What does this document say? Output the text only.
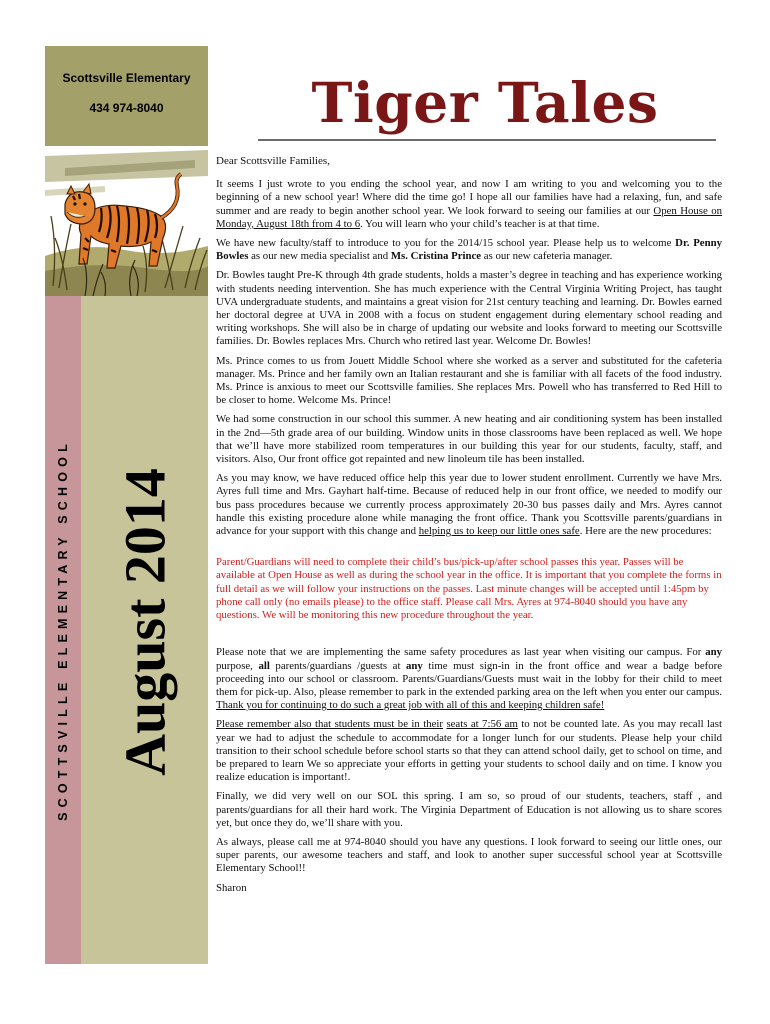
Scottsville Elementary
434 974-8040
SCOTTSVILLE ELEMENTARY SCHOOL August 2014
Tiger Tales

Dear Scottsville Families,

It seems I just wrote to you ending the school year, and now I am writing to you and welcoming you to the beginning of a new school year! Where did the time go! I hope all our families have had a relaxing, fun, and safe summer and are ready to begin another school year. We look forward to seeing our families at our Open House on Monday, August 18th from 4 to 6. You will learn who your child’s teacher is at that time.

We have new faculty/staff to introduce to you for the 2014/15 school year. Please help us to welcome Dr. Penny Bowles as our new media specialist and Ms. Cristina Prince as our new cafeteria manager.

Dr. Bowles taught Pre-K through 4th grade students, holds a master’s degree in teaching and has experience working with students needing intervention. She has much experience with the Central Virginia Writing Project, has taught UVA undergraduate students, and maintains a great vision for 21st century teaching and learning. Dr. Bowles earned her doctoral degree at UVA in 2008 with a focus on student engagement during elementary school reading and writing workshops. She will also be in charge of updating our website and looks forward to meeting our Scottsville families. Dr. Bowles replaces Mrs. Church who retired last year. Welcome Dr. Bowles!

Ms. Prince comes to us from Jouett Middle School where she worked as a server and substituted for the cafeteria manager. Ms. Prince and her family own an Italian restaurant and she is familiar with all facets of the food industry. Ms. Prince is anxious to meet our Scottsville families. She replaces Mrs. Powell who has transferred to Red Hill to be closer to home. Welcome Ms. Prince!

We had some construction in our school this summer. A new heating and air conditioning system has been installed in the 2nd—5th grade area of our building. Window units in those classrooms have been replaced as well. We hope that we’ll have more stabilized room temperatures in our building this year for our students, faculty, staff, and visitors. Also, Our front office got repainted and new linoleum tile has been installed.

As you may know, we have reduced office help this year due to lower student enrollment. Currently we have Mrs. Ayres full time and Mrs. Gayhart half-time. Because of reduced help in our front office, we needed to modify our bus pass procedures because we currently process approximately 20-30 bus passes daily and Mrs. Ayres cannot handle this existing procedure alone while managing the front office. Thank you Scottsville parents/guardians in advance for your support with this change and helping us to keep our little ones safe. Here are the new procedures:

Parent/Guardians will need to complete their child’s bus/pick-up/after school passes this year. Passes will be available at Open House as well as during the school year in the office. It is important that you complete the forms in full detail as we will follow your instructions on the passes. Last minute changes will be accepted until 1:45pm by phone call only (no emails please) to the office staff. Please call Mrs. Ayres at 974-8040 should you have any questions. We will be monitoring this new procedure throughout the year.

Please note that we are implementing the same safety procedures as last year when visiting our campus. For any purpose, all parents/guardians /guests at any time must sign-in in the front office and wear a badge before proceeding into our school or classroom. Parents/Guardians/Guests must wait in the lobby for their child to meet them for pick-up. Also, please remember to park in the extended parking area on the left when you enter our campus. Thank you for continuing to do such a great job with all of this and keeping children safe!

Please remember also that students must be in their seats at 7:56 am to not be counted late. As you may recall last year we had to adjust the schedule to accommodate for a longer lunch for our students. Please help your child transition to their school schedule before school starts so that they can attend school daily, get to school on time, and be prepared to learn We so appreciate your efforts in getting your students to school daily and on time. I know you realize education is important!.

Finally, we did very well on our SOL this spring. I am so, so proud of our students, teachers, staff , and parents/guardians for all their hard work. The Virginia Department of Education is not allowing us to share scores yet, but once they do, we’ll share with you.

As always, please call me at 974-8040 should you have any questions. I look forward to seeing our little ones, our super parents, our awesome teachers and staff, and look to another super successful school year at Scottsville Elementary School!!

Sharon
